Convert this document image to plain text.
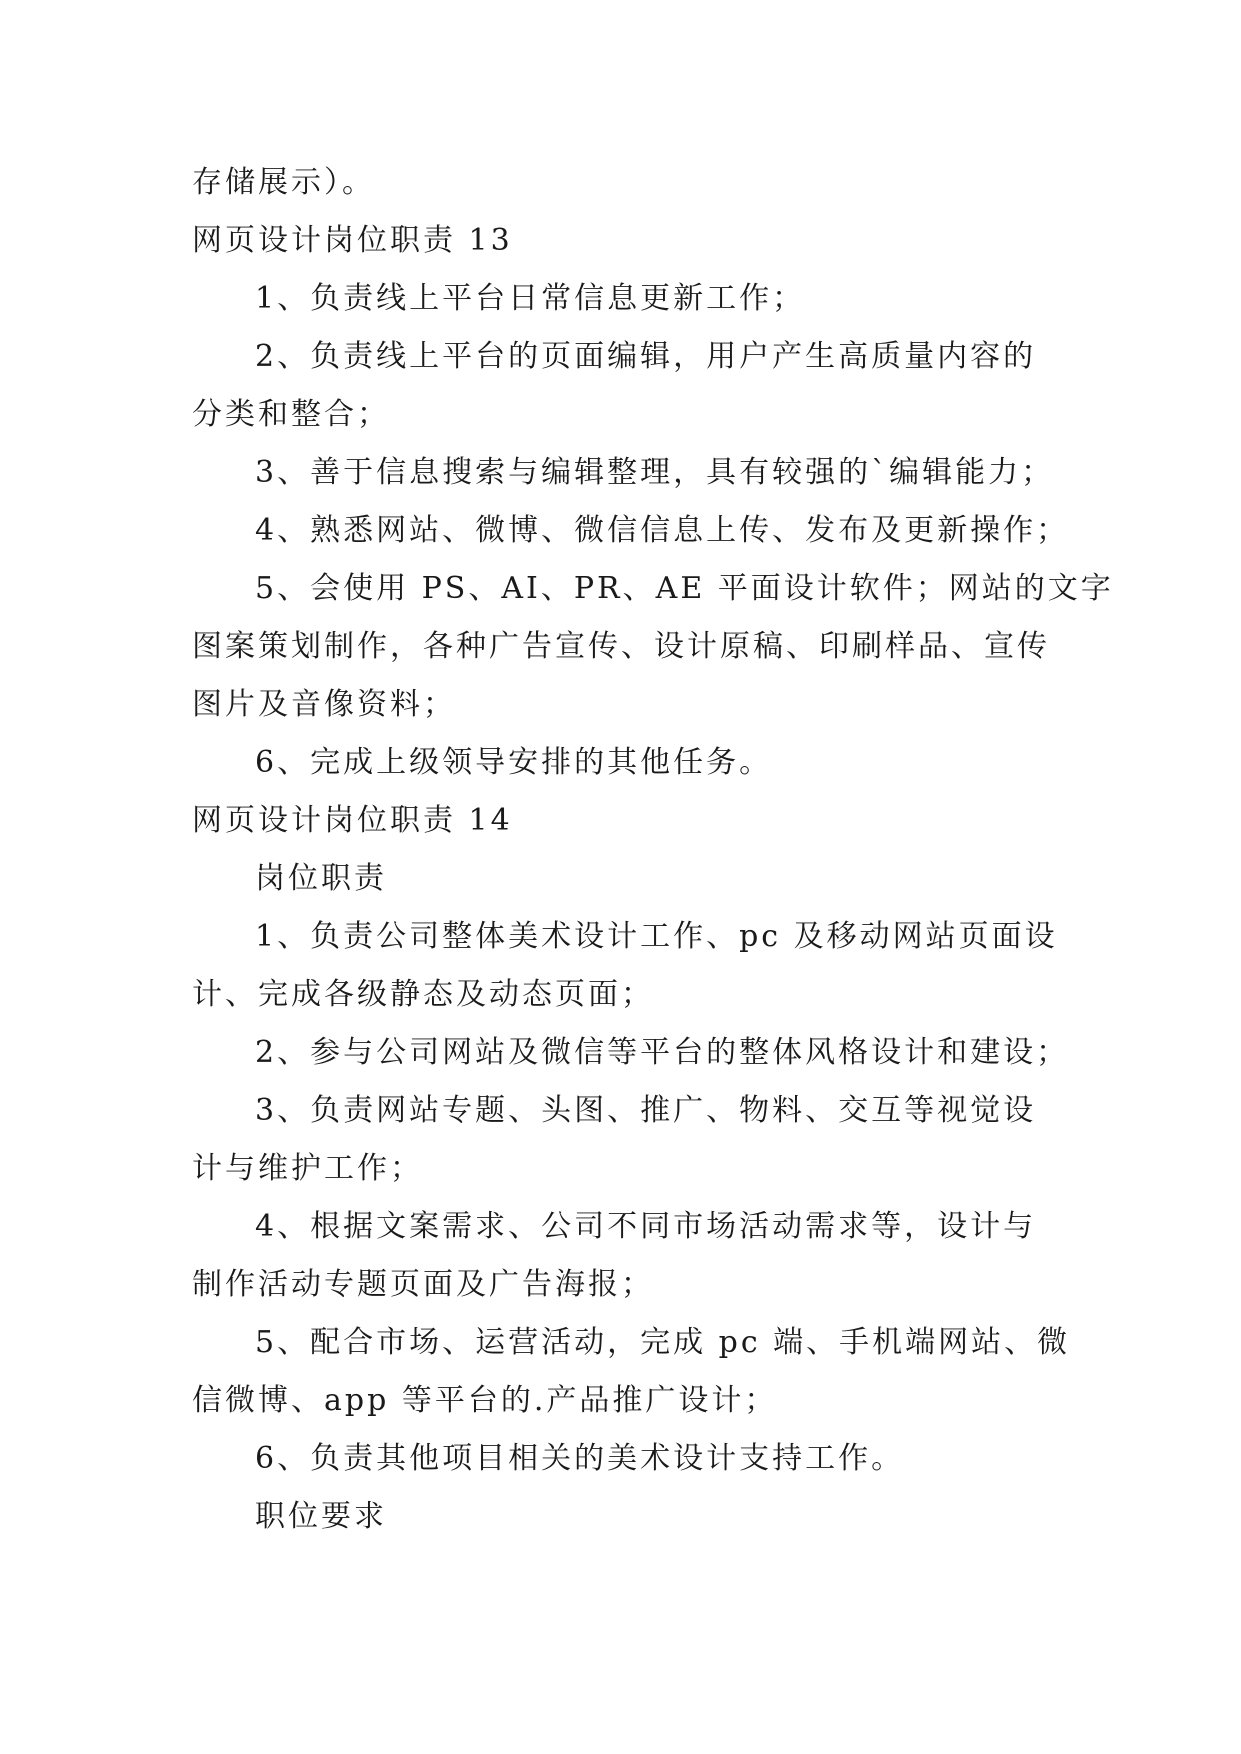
存储展示）。

网页设计岗位职责 13

1、负责线上平台日常信息更新工作；

2、负责线上平台的页面编辑，用户产生高质量内容的

分类和整合；

3、善于信息搜索与编辑整理，具有较强的`编辑能力；

4、熟悉网站、微博、微信信息上传、发布及更新操作；

5、会使用 PS、AI、PR、AE 平面设计软件；网站的文字

图案策划制作，各种广告宣传、设计原稿、印刷样品、宣传

图片及音像资料；

6、完成上级领导安排的其他任务。

网页设计岗位职责 14

岗位职责

1、负责公司整体美术设计工作、pc 及移动网站页面设

计、完成各级静态及动态页面；

2、参与公司网站及微信等平台的整体风格设计和建设；

3、负责网站专题、头图、推广、物料、交互等视觉设

计与维护工作；

4、根据文案需求、公司不同市场活动需求等，设计与

制作活动专题页面及广告海报；

5、配合市场、运营活动，完成 pc 端、手机端网站、微

信微博、app 等平台的.产品推广设计；

6、负责其他项目相关的美术设计支持工作。

职位要求
